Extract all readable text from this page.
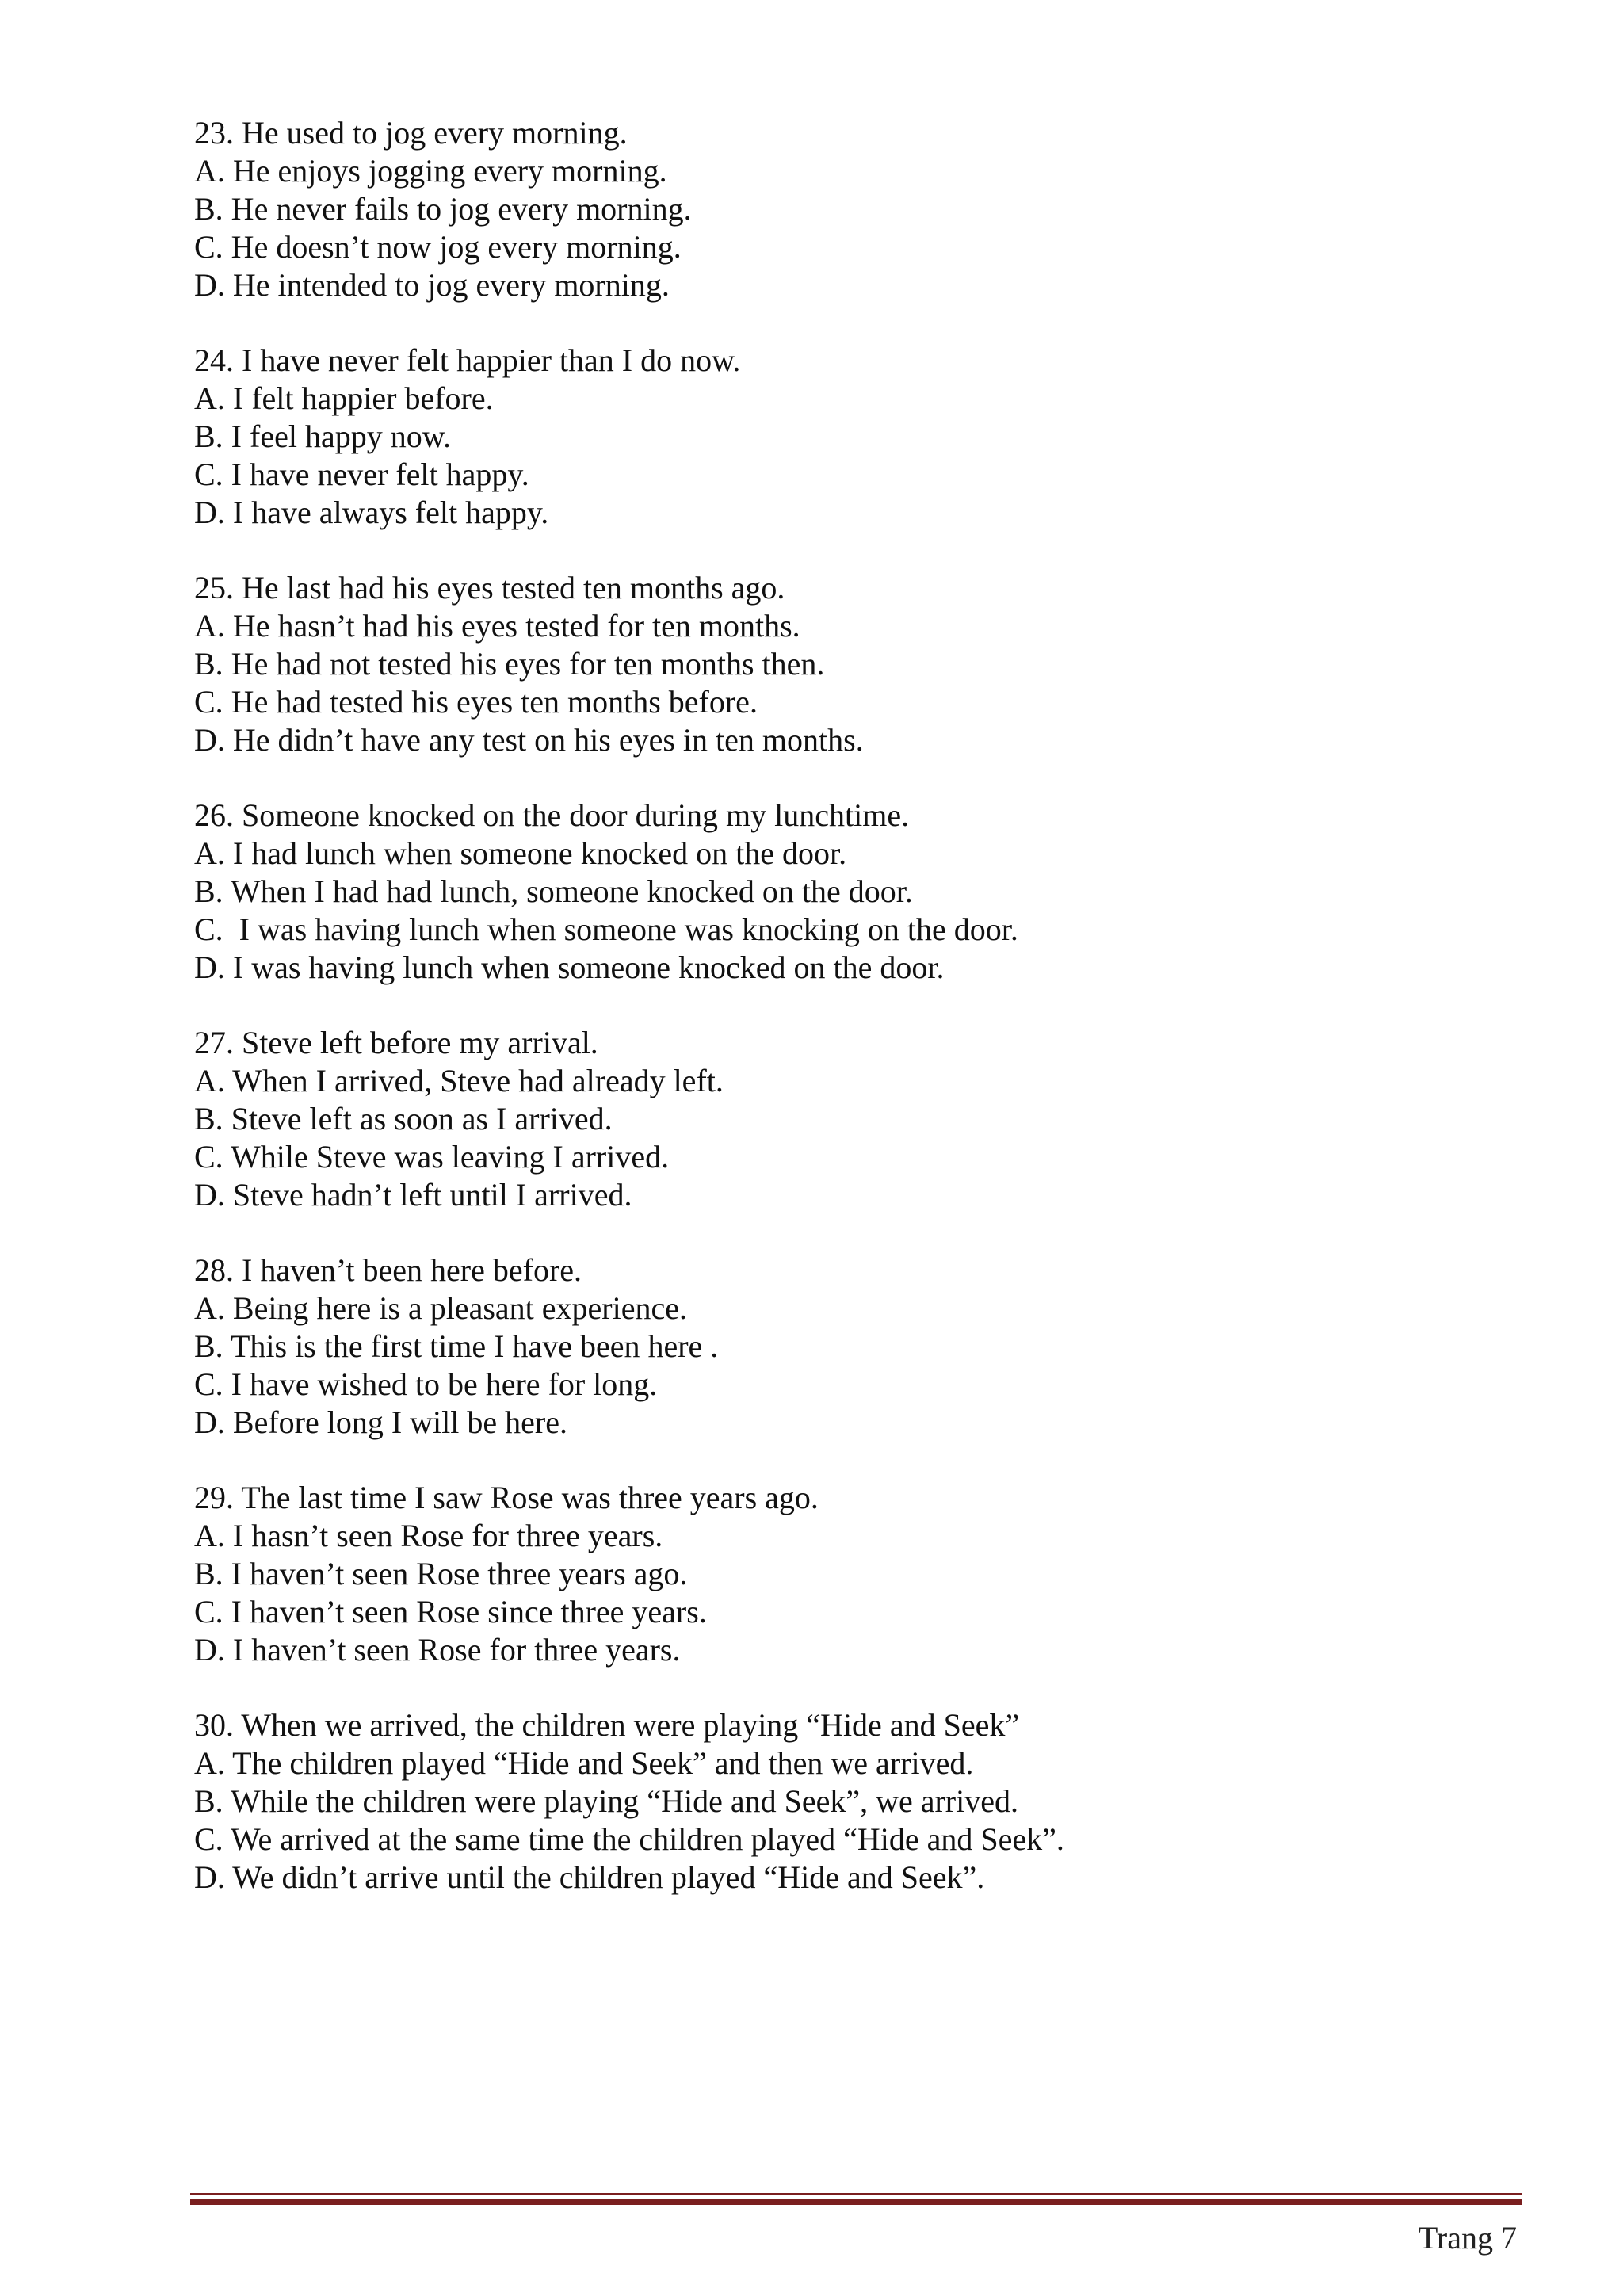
23. He used to jog every morning.
A. He enjoys jogging every morning.
B. He never fails to jog every morning.
C. He doesn’t now jog every morning.
D. He intended to jog every morning.
24. I have never felt happier than I do now.
A. I felt happier before.
B. I feel happy now.
C. I have never felt happy.
D. I have always felt happy.
25. He last had his eyes tested ten months ago.
A. He hasn’t had his eyes tested for ten months.
B. He had not tested his eyes for ten months then.
C. He had tested his eyes ten months before.
D. He didn’t have any test on his eyes in ten months.
26. Someone knocked on the door during my lunchtime.
A. I had lunch when someone knocked on the door.
B. When I had had lunch, someone knocked on the door.
C.  I was having lunch when someone was knocking on the door.
D. I was having lunch when someone knocked on the door.
27. Steve left before my arrival.
A. When I arrived, Steve had already left.
B. Steve left as soon as I arrived.
C. While Steve was leaving I arrived.
D. Steve hadn’t left until I arrived.
28. I haven’t been here before.
A. Being here is a pleasant experience.
B. This is the first time I have been here .
C. I have wished to be here for long.
D. Before long I will be here.
29. The last time I saw Rose was three years ago.
A. I hasn’t seen Rose for three years.
B. I haven’t seen Rose three years ago.
C. I haven’t seen Rose since three years.
D. I haven’t seen Rose for three years.
30. When we arrived, the children were playing “Hide and Seek”
A. The children played “Hide and Seek” and then we arrived.
B. While the children were playing “Hide and Seek”, we arrived.
C. We arrived at the same time the children played “Hide and Seek”.
D. We didn’t arrive until the children played “Hide and Seek”.
Trang 7
